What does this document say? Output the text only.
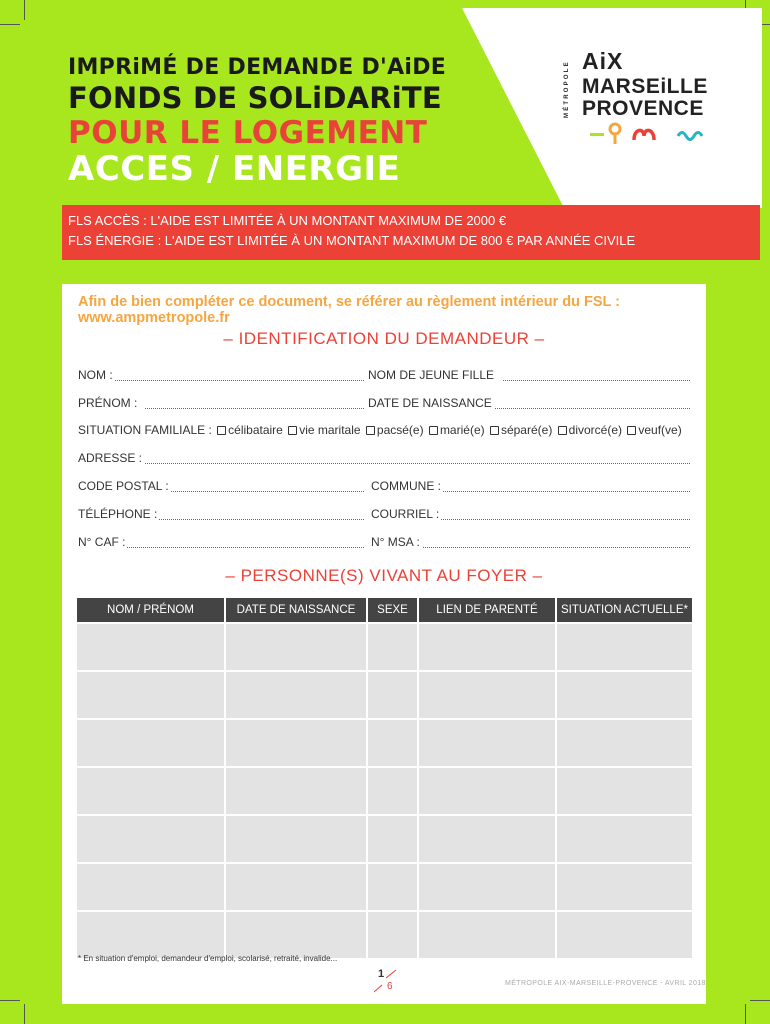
MÉTROPOLE AiX
MARSEiLLE
PROVENCE
IMPRiMÉ DE DEMANDE D'AiDE
FONDS DE SOLiDARiTE
POUR LE LOGEMENT
ACCES / ENERGIE
FLS ACCÈS : L'AIDE EST LIMITÉE À UN MONTANT MAXIMUM DE 2000 €
FLS ÉNERGIE : L'AIDE EST LIMITÉE À UN MONTANT MAXIMUM DE 800 € PAR ANNÉE CIVILE
Afin de bien compléter ce document, se référer au règlement intérieur du FSL : www.ampmetropole.fr
– IDENTIFICATION DU DEMANDEUR –
NOM :	NOM DE JEUNE FILLE
PRÉNOM :	DATE DE NAISSANCE
SITUATION FAMILIALE : célibataire vie maritale pacsé(e) marié(e) séparé(e) divorcé(e) veuf(ve)
ADRESSE :
CODE POSTAL :	COMMUNE :
TÉLÉPHONE :	COURRIEL :
N° CAF :	N° MSA :
– PERSONNE(S) VIVANT AU FOYER –
NOM / PRÉNOM	DATE DE NAISSANCE	SEXE	LIEN DE PARENTÉ	SITUATION ACTUELLE*

* En situation d'emploi, demandeur d'emploi, scolarisé, retraité, invalide...
1
6	MÉTROPOLE AIX-MARSEILLE-PROVENCE - AVRIL 2018
